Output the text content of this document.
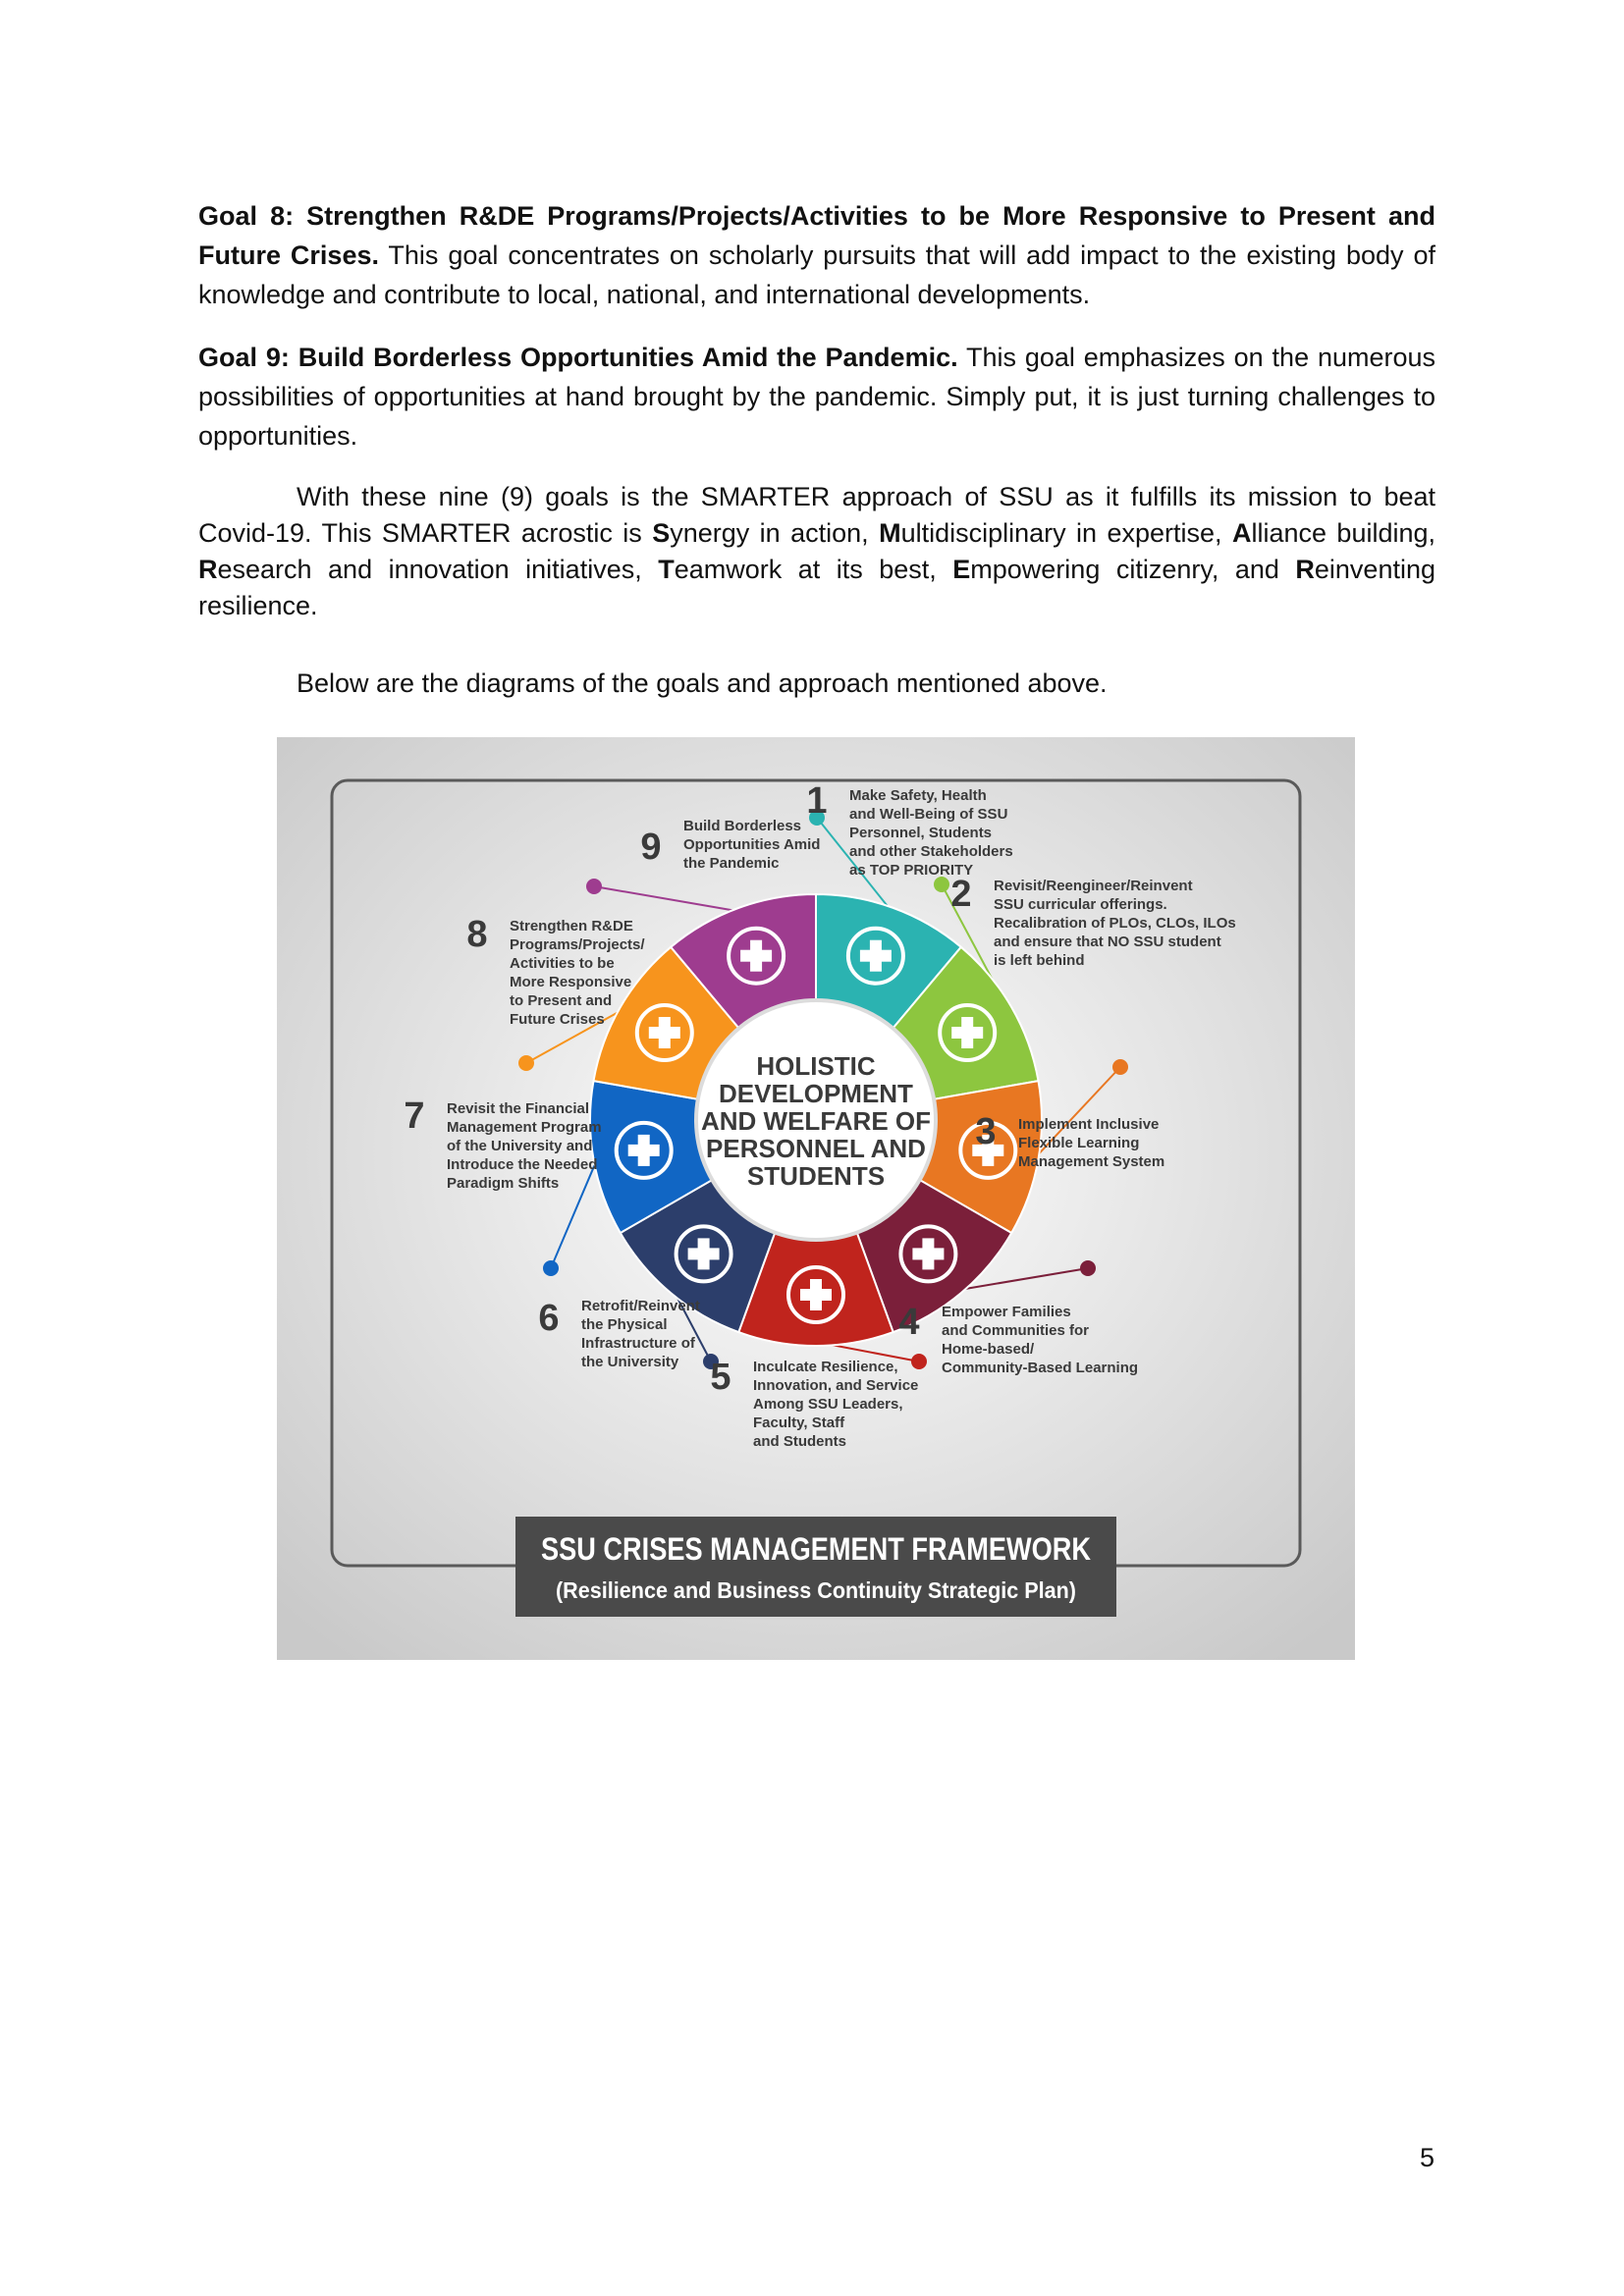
Goal 8: Strengthen R&DE Programs/Projects/Activities to be More Responsive to Present and Future Crises. This goal concentrates on scholarly pursuits that will add impact to the existing body of knowledge and contribute to local, national, and international developments.

Goal 9: Build Borderless Opportunities Amid the Pandemic. This goal emphasizes on the numerous possibilities of opportunities at hand brought by the pandemic. Simply put, it is just turning challenges to opportunities.

With these nine (9) goals is the SMARTER approach of SSU as it fulfills its mission to beat Covid-19. This SMARTER acrostic is Synergy in action, Multidisciplinary in expertise, Alliance building, Research and innovation initiatives, Teamwork at its best, Empowering citizenry, and Reinventing resilience.

Below are the diagrams of the goals and approach mentioned above.

HOLISTIC
DEVELOPMENT
AND WELFARE OF
PERSONNEL AND
STUDENTS
1 Make Safety, Health
and Well-Being of SSU
Personnel, Students
and other Stakeholders
as TOP PRIORITY
2 Revisit/Reengineer/Reinvent
SSU curricular offerings.
Recalibration of PLOs, CLOs, ILOs
and ensure that NO SSU student
is left behind
3 Implement Inclusive
Flexible Learning
Management System
4 Empower Families
and Communities for
Home-based/
Community-Based Learning
5 Inculcate Resilience,
Innovation, and Service
Among SSU Leaders,
Faculty, Staff
and Students
6 Retrofit/Reinvent
the Physical
Infrastructure of
the University
7 Revisit the Financial
Management Program
of the University and
Introduce the Needed
Paradigm Shifts
8 Strengthen R&DE
Programs/Projects/
Activities to be
More Responsive
to Present and
Future Crises
9
Build Borderless
Opportunities Amid
the Pandemic
SSU CRISES MANAGEMENT FRAMEWORK
(Resilience and Business Continuity Strategic Plan)
5
